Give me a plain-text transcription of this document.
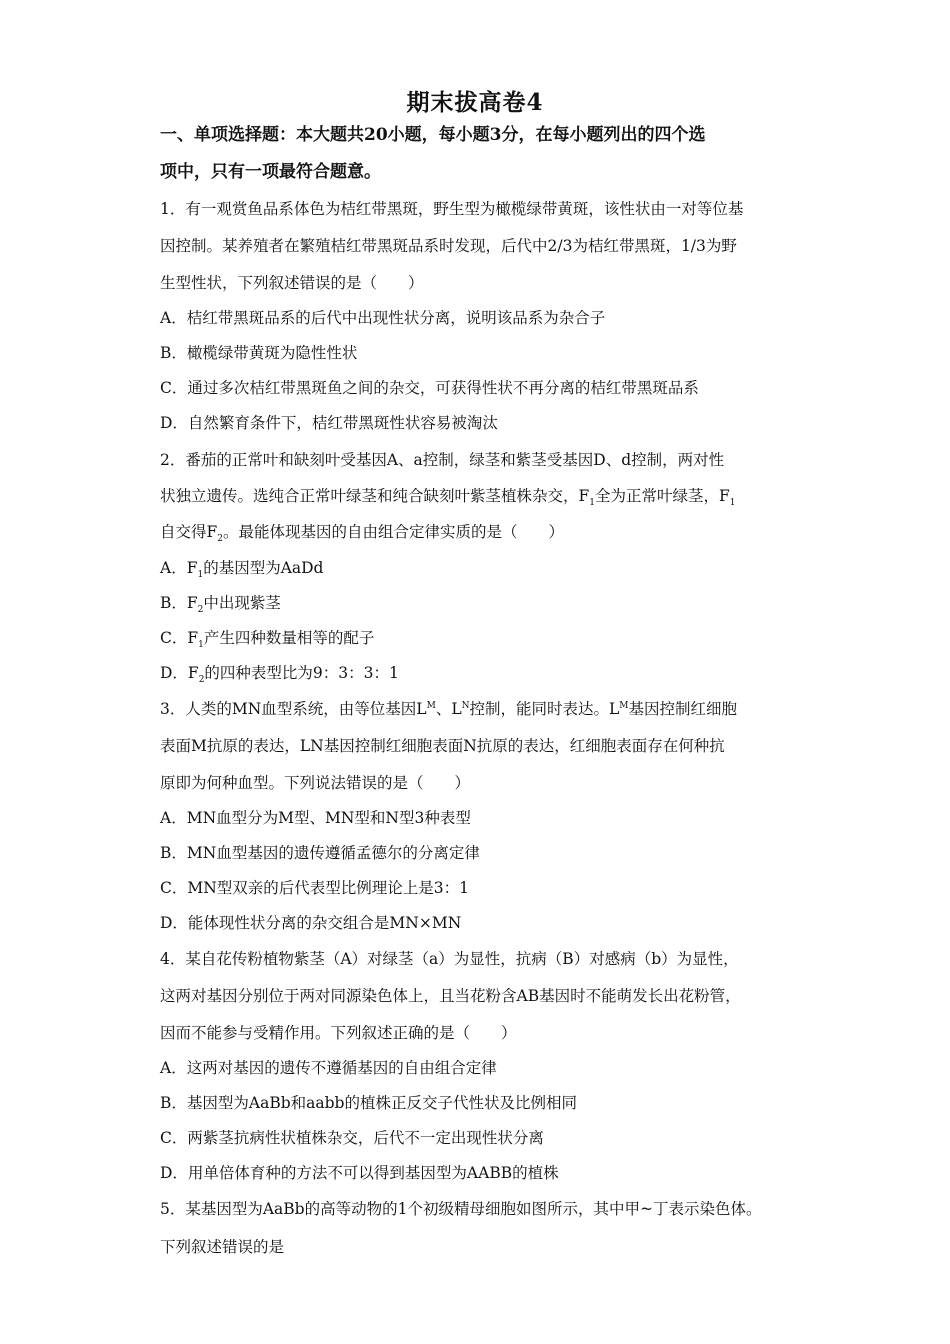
期末拔高卷4
一、单项选择题：本大题共20小题，每小题3分，在每小题列出的四个选
项中，只有一项最符合题意。
1．有一观赏鱼品系体色为桔红带黑斑，野生型为橄榄绿带黄斑，该性状由一对等位基
因控制。某养殖者在繁殖桔红带黑斑品系时发现，后代中2/3为桔红带黑斑，1/3为野
生型性状，下列叙述错误的是（　　）
A．桔红带黑斑品系的后代中出现性状分离，说明该品系为杂合子
B．橄榄绿带黄斑为隐性性状
C．通过多次桔红带黑斑鱼之间的杂交，可获得性状不再分离的桔红带黑斑品系
D．自然繁育条件下，桔红带黑斑性状容易被淘汰
2．番茄的正常叶和缺刻叶受基因A、a控制，绿茎和紫茎受基因D、d控制，两对性
状独立遗传。选纯合正常叶绿茎和纯合缺刻叶紫茎植株杂交，$F_1$全为正常叶绿茎，$F_1$
自交得$F_2$。最能体现基因的自由组合定律实质的是（　　）
A．$F_1$的基因型为AaDd
B．$F_2$中出现紫茎
C．$F_1$产生四种数量相等的配子
D．$F_2$的四种表型比为9：3：3：1
3．人类的MN血型系统，由等位基因$L^M$、$L^N$控制，能同时表达。$L^M$基因控制红细胞
表面M抗原的表达，LN基因控制红细胞表面N抗原的表达，红细胞表面存在何种抗
原即为何种血型。下列说法错误的是（　　）
A．MN血型分为M型、MN型和N型3种表型
B．MN血型基因的遗传遵循孟德尔的分离定律
C．MN型双亲的后代表型比例理论上是3：1
D．能体现性状分离的杂交组合是MN×MN
4．某自花传粉植物紫茎（A）对绿茎（a）为显性，抗病（B）对感病（b）为显性，
这两对基因分别位于两对同源染色体上，且当花粉含AB基因时不能萌发长出花粉管，
因而不能参与受精作用。下列叙述正确的是（　　）
A．这两对基因的遗传不遵循基因的自由组合定律
B．基因型为AaBb和aabb的植株正反交子代性状及比例相同
C．两紫茎抗病性状植株杂交，后代不一定出现性状分离
D．用单倍体育种的方法不可以得到基因型为AABB的植株
5．某基因型为AaBb的高等动物的1个初级精母细胞如图所示，其中甲~丁表示染色体。
下列叙述错误的是
